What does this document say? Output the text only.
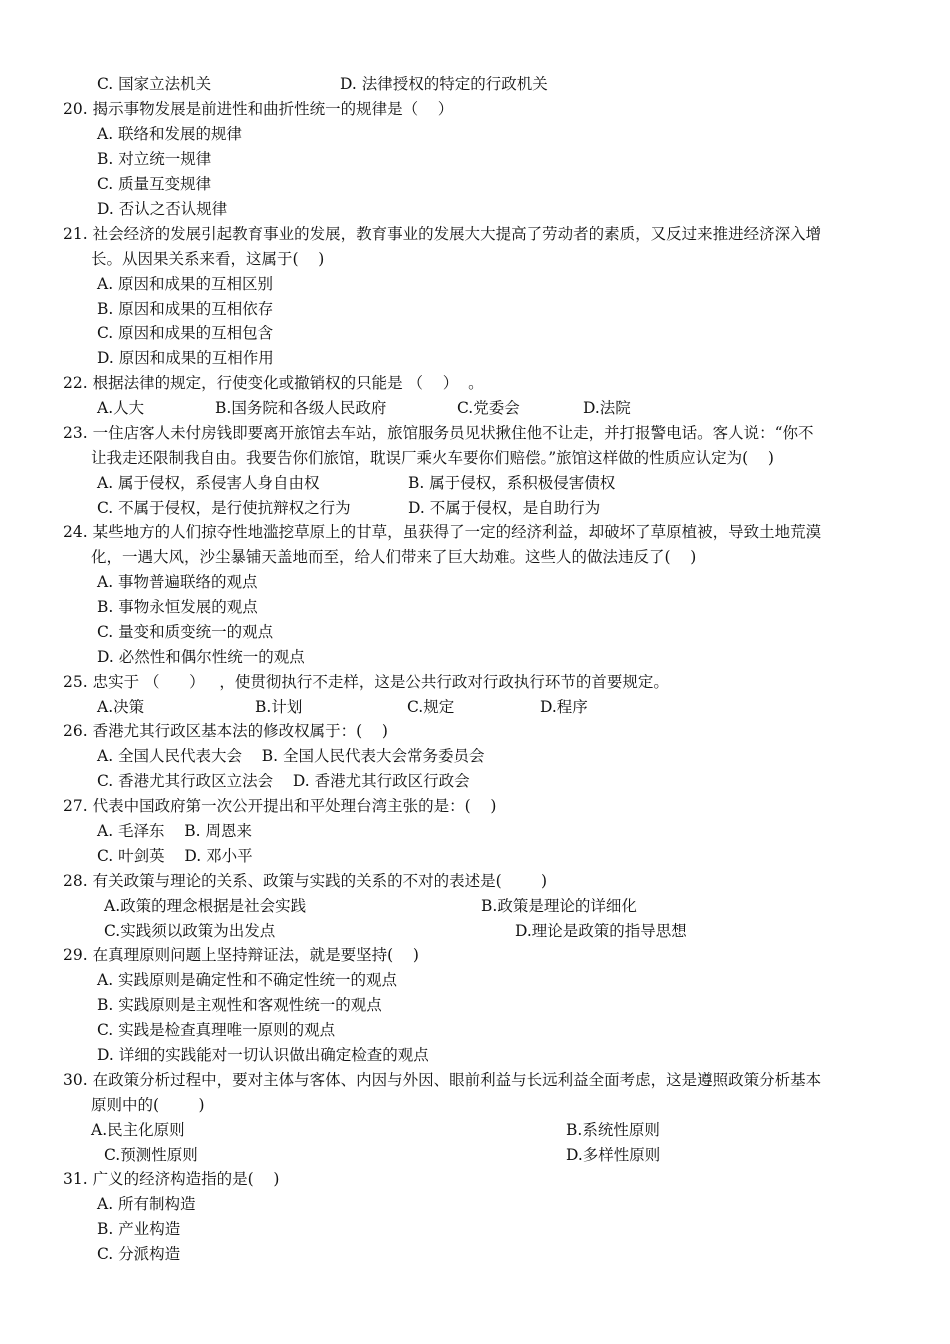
C. 国家立法机关	D. 法律授权的特定的行政机关
20. 揭示事物发展是前进性和曲折性统一的规律是（    ）
A. 联络和发展的规律
B. 对立统一规律
C. 质量互变规律
D. 否认之否认规律
21. 社会经济的发展引起教育事业的发展，教育事业的发展大大提高了劳动者的素质，又反过来推进经济深入增
长。从因果关系来看，这属于(    )
A. 原因和成果的互相区别
B. 原因和成果的互相依存
C. 原因和成果的互相包含
D. 原因和成果的互相作用
22. 根据法律的规定，行使变化或撤销权的只能是 （    ）  。
A.人大	B.国务院和各级人民政府	C.党委会	D.法院
23. 一住店客人未付房钱即要离开旅馆去车站，旅馆服务员见状揪住他不让走，并打报警电话。客人说：“你不
让我走还限制我自由。我要告你们旅馆，耽误厂乘火车要你们赔偿。”旅馆这样做的性质应认定为(    )
A. 属于侵权，系侵害人身自由权	B. 属于侵权，系积极侵害债权
C. 不属于侵权，是行使抗辩权之行为	D. 不属于侵权，是自助行为
24. 某些地方的人们掠夺性地滥挖草原上的甘草，虽获得了一定的经济利益，却破坏了草原植被，导致土地荒漠
化，一遇大风，沙尘暴铺天盖地而至，给人们带来了巨大劫难。这些人的做法违反了(    )
A. 事物普遍联络的观点
B. 事物永恒发展的观点
C. 量变和质变统一的观点
D. 必然性和偶尔性统一的观点
25. 忠实于 （      ）   ，使贯彻执行不走样，这是公共行政对行政执行环节的首要规定。
A.决策	B.计划	C.规定	D.程序
26. 香港尤其行政区基本法的修改权属于：(    )
A. 全国人民代表大会    B. 全国人民代表大会常务委员会
C. 香港尤其行政区立法会    D. 香港尤其行政区行政会
27. 代表中国政府第一次公开提出和平处理台湾主张的是：(    )
A. 毛泽东    B. 周恩来
C. 叶剑英    D. 邓小平
28. 有关政策与理论的关系、政策与实践的关系的不对的表述是(        )
A.政策的理念根据是社会实践	B.政策是理论的详细化
C.实践须以政策为出发点	D.理论是政策的指导思想
29. 在真理原则问题上坚持辩证法，就是要坚持(    )
A. 实践原则是确定性和不确定性统一的观点
B. 实践原则是主观性和客观性统一的观点
C. 实践是检查真理唯一原则的观点
D. 详细的实践能对一切认识做出确定检查的观点
30. 在政策分析过程中，要对主体与客体、内因与外因、眼前利益与长远利益全面考虑，这是遵照政策分析基本
原则中的(        )
A.民主化原则	B.系统性原则
C.预测性原则	D.多样性原则
31. 广义的经济构造指的是(    )
A. 所有制构造
B. 产业构造
C. 分派构造
